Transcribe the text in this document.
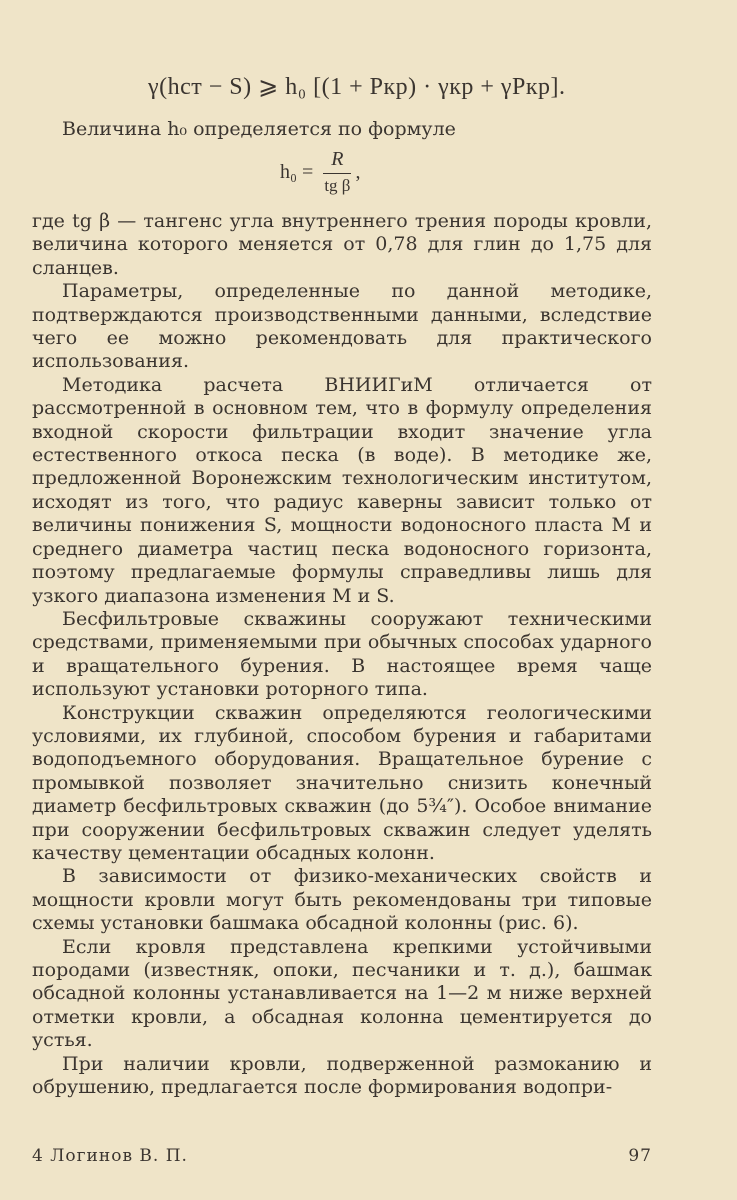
γ(hст − S) ⩾ h₀ [(1 + Pкр) · γкр + γPкр].
Величина h₀ определяется по формуле
$h_0 = \frac{R}{\text{tg β}}$ ,

где tg β — тангенс угла внутреннего трения породы кровли, величина которого меняется от 0,78 для глин до 1,75 для сланцев.

Параметры, определенные по данной методике, подтверждаются производственными данными, вследствие чего ее можно рекомендовать для практического использования.

Методика расчета ВНИИГиМ отличается от рассмотренной в основном тем, что в формулу определения входной скорости фильтрации входит значение угла естественного откоса песка (в воде). В методике же, предложенной Воронежским технологическим институтом, исходят из того, что радиус каверны зависит только от величины понижения S, мощности водоносного пласта M и среднего диаметра частиц песка водоносного горизонта, поэтому предлагаемые формулы справедливы лишь для узкого диапазона изменения M и S.

Бесфильтровые скважины сооружают техническими средствами, применяемыми при обычных способах ударного и вращательного бурения. В настоящее время чаще используют установки роторного типа.

Конструкции скважин определяются геологическими условиями, их глубиной, способом бурения и габаритами водоподъемного оборудования. Вращательное бурение с промывкой позволяет значительно снизить конечный диаметр бесфильтровых скважин (до 5¾″). Особое внимание при сооружении бесфильтровых скважин следует уделять качеству цементации обсадных колонн.

В зависимости от физико-механических свойств и мощности кровли могут быть рекомендованы три типовые схемы установки башмака обсадной колонны (рис. 6).

Если кровля представлена крепкими устойчивыми породами (известняк, опоки, песчаники и т. д.), башмак обсадной колонны устанавливается на 1—2 м ниже верхней отметки кровли, а обсадная колонна цементируется до устья.

При наличии кровли, подверженной размоканию и обрушению, предлагается после формирования водопри-

4 Логинов В. П.	97
